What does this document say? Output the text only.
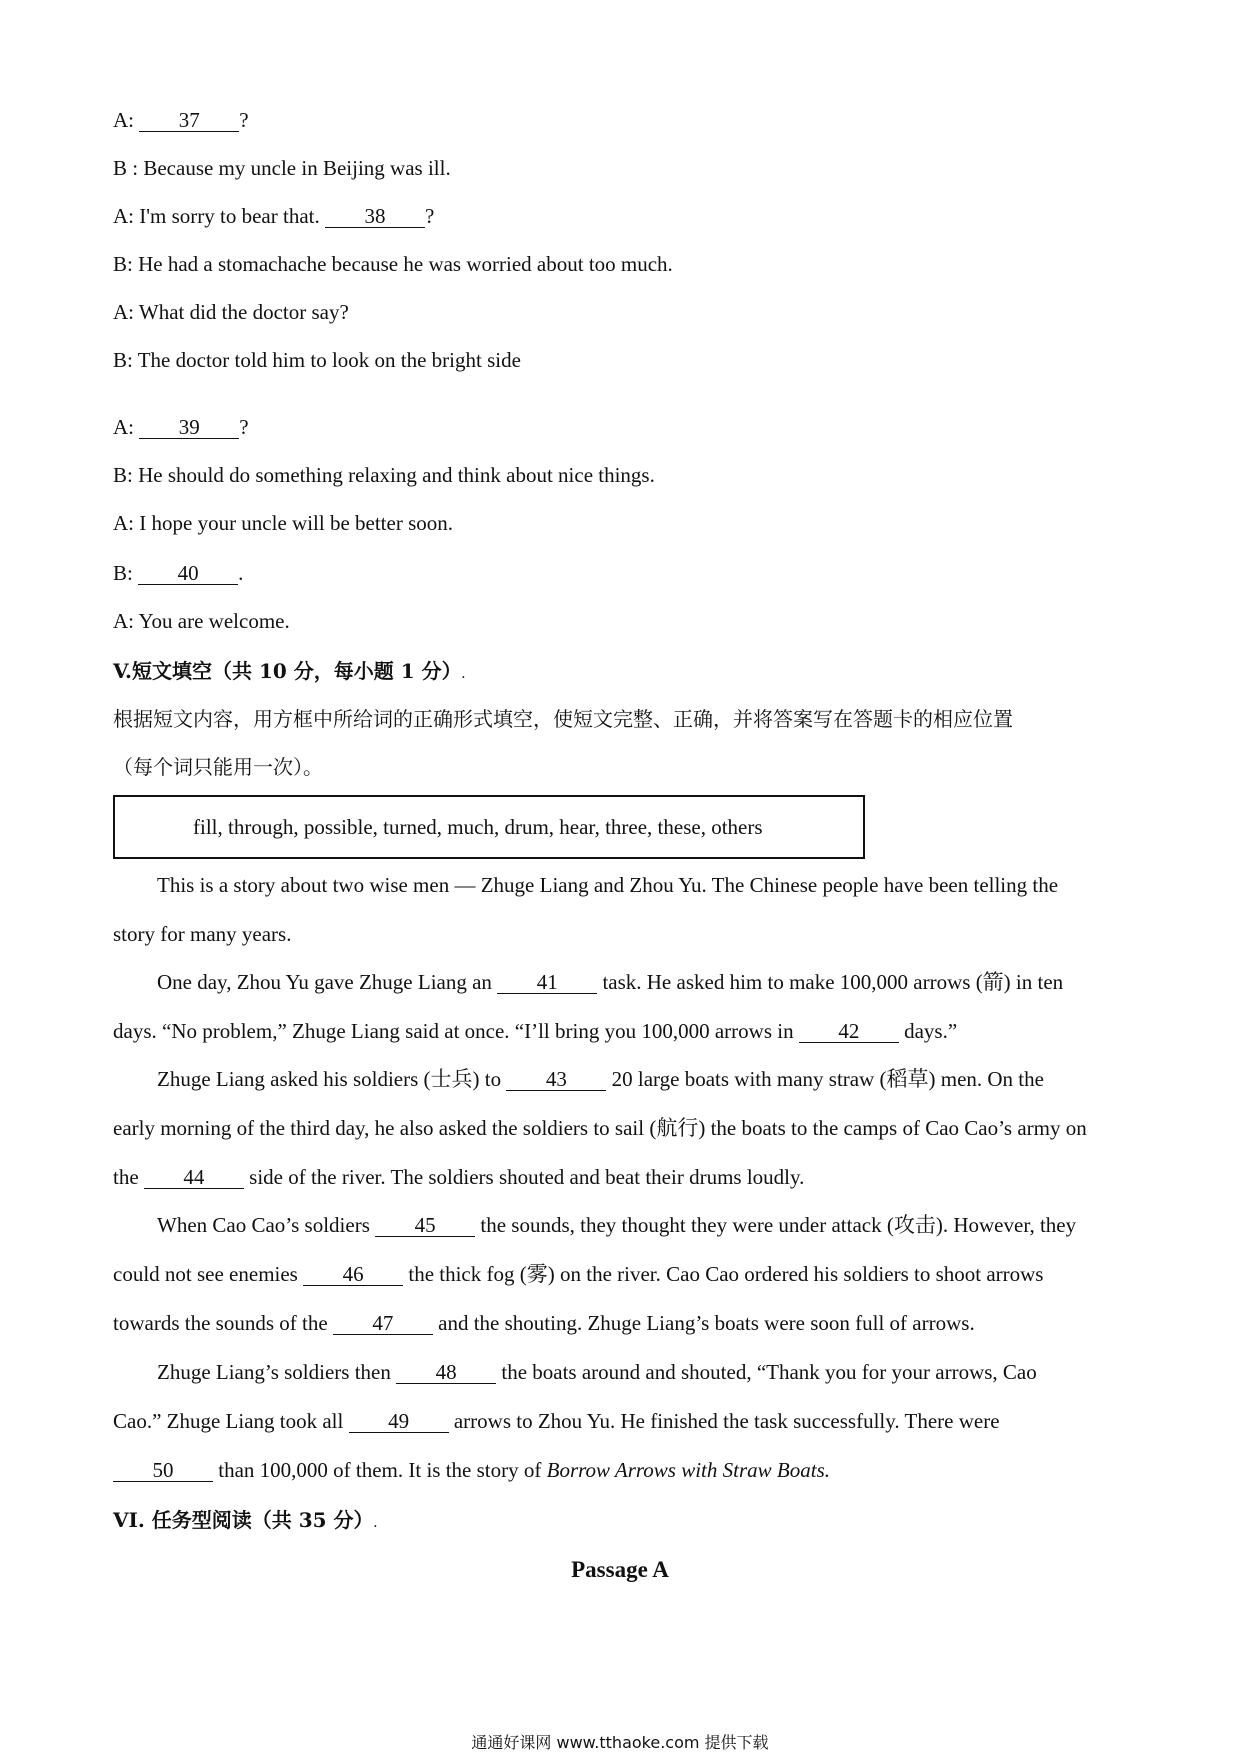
A: 37 ?
B : Because my uncle in Beijing was ill.
A: I'm sorry to bear that. 38 ?
B: He had a stomachache because he was worried about too much.
A: What did the doctor say?
B: The doctor told him to look on the bright side
A: 39 ?
B: He should do something relaxing and think about nice things.
A: I hope your uncle will be better soon.
B: 40 .
A: You are welcome.
V.短文填空（共 10 分，每小题 1 分）.
根据短文内容，用方框中所给词的正确形式填空，使短文完整、正确，并将答案写在答题卡的相应位置
（每个词只能用一次）。
fill, through, possible, turned, much, drum, hear, three, these, others
This is a story about two wise men — Zhuge Liang and Zhou Yu. The Chinese people have been telling the
story for many years.
One day, Zhou Yu gave Zhuge Liang an 41 task. He asked him to make 100,000 arrows (箭) in ten
days. “No problem,” Zhuge Liang said at once. “I’ll bring you 100,000 arrows in 42 days.”
Zhuge Liang asked his soldiers (士兵) to 43 20 large boats with many straw (稻草) men. On the
early morning of the third day, he also asked the soldiers to sail (航行) the boats to the camps of Cao Cao’s army on
the 44 side of the river. The soldiers shouted and beat their drums loudly.
When Cao Cao’s soldiers 45 the sounds, they thought they were under attack (攻击). However, they
could not see enemies 46 the thick fog (雾) on the river. Cao Cao ordered his soldiers to shoot arrows
towards the sounds of the 47 and the shouting. Zhuge Liang’s boats were soon full of arrows.
Zhuge Liang’s soldiers then 48 the boats around and shouted, “Thank you for your arrows, Cao
Cao.” Zhuge Liang took all 49 arrows to Zhou Yu. He finished the task successfully. There were
50 than 100,000 of them. It is the story of Borrow Arrows with Straw Boats.
VI. 任务型阅读（共 35 分）.
Passage A
通通好课网 www.tthaoke.com 提供下载
